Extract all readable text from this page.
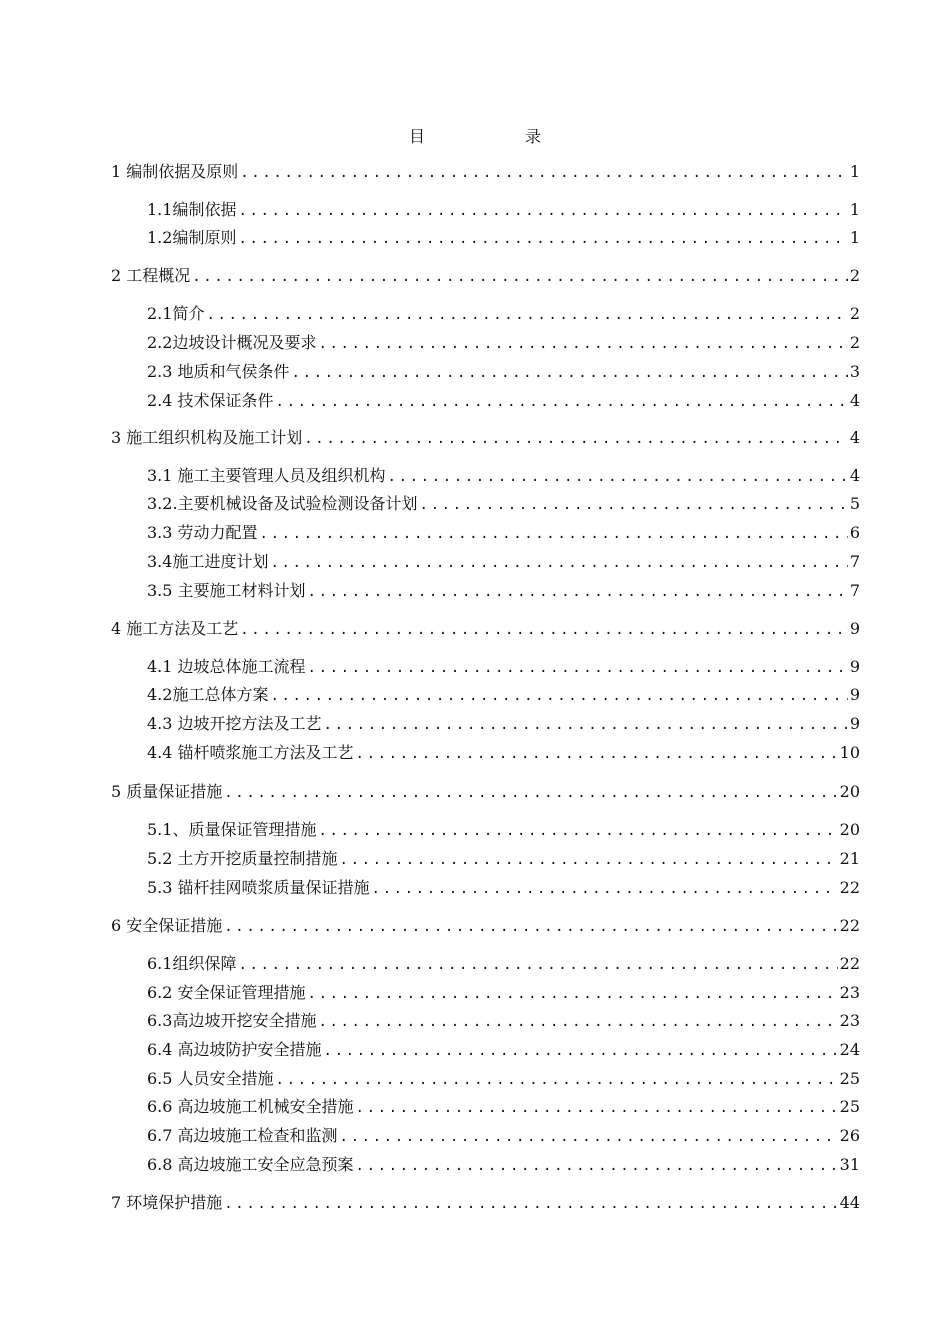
目　录
1 编制依据及原则 .....	1
1.1编制依据 .....	1
1.2编制原则 .....	1
2 工程概况 .....	2
2.1简介 .....	2
2.2边坡设计概况及要求 .....	2
2.3 地质和气侯条件 .....	3
2.4 技术保证条件 .....	4
3 施工组织机构及施工计划 .....	4
3.1 施工主要管理人员及组织机构 .....	4
3.2.主要机械设备及试验检测设备计划 .....	5
3.3 劳动力配置 .....	6
3.4施工进度计划 .....	7
3.5 主要施工材料计划 .....	7
4 施工方法及工艺 .....	9
4.1 边坡总体施工流程 .....	9
4.2施工总体方案 .....	9
4.3 边坡开挖方法及工艺 .....	9
4.4 锚杆喷浆施工方法及工艺 .....	10
5 质量保证措施 .....	20
5.1、质量保证管理措施 .....	20
5.2 土方开挖质量控制措施 .....	21
5.3 锚杆挂网喷浆质量保证措施 .....	22
6 安全保证措施 .....	22
6.1组织保障 .....	22
6.2 安全保证管理措施 .....	23
6.3高边坡开挖安全措施 .....	23
6.4 高边坡防护安全措施 .....	24
6.5 人员安全措施 .....	25
6.6 高边坡施工机械安全措施 .....	25
6.7 高边坡施工检查和监测 .....	26
6.8 高边坡施工安全应急预案 .....	31
7 环境保护措施 .....	44
